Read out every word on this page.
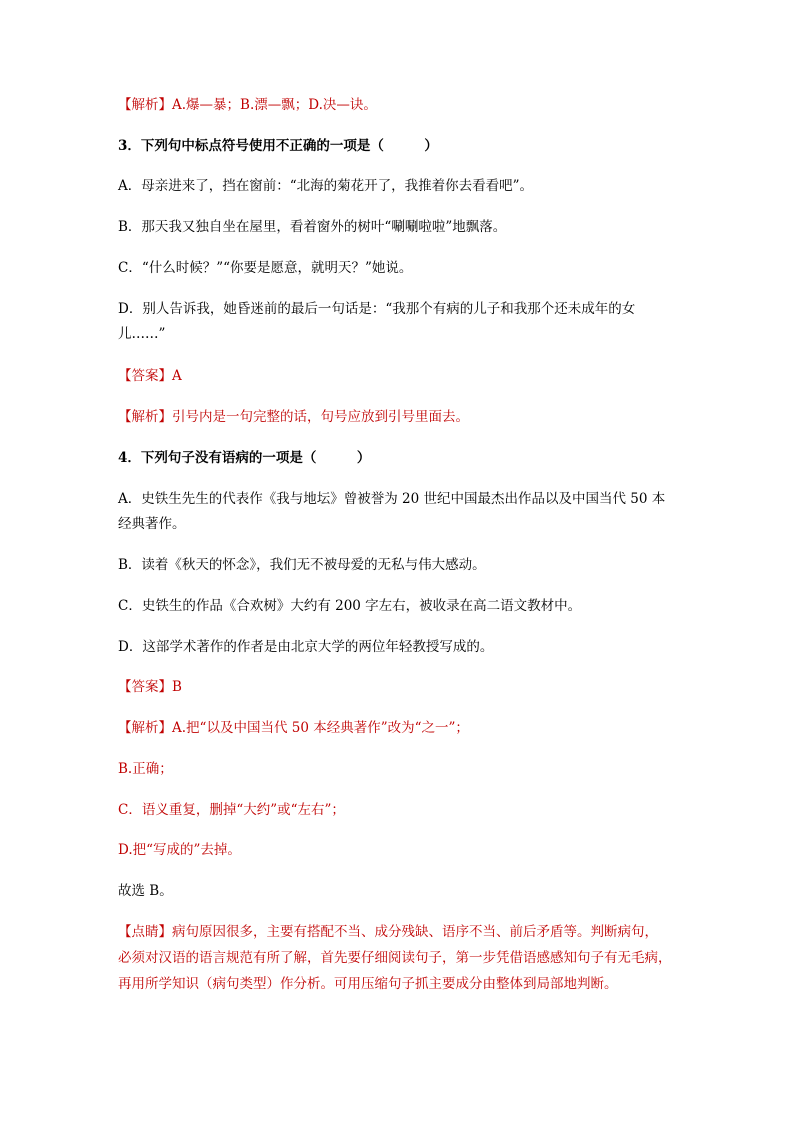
【解析】A.爆—暴；B.漂—飘；D.决—诀。
3．下列句中标点符号使用不正确的一项是（　　　）
A．母亲进来了，挡在窗前：“北海的菊花开了，我推着你去看看吧”。
B．那天我又独自坐在屋里，看着窗外的树叶“唰唰啦啦”地飘落。
C．“什么时候？”“你要是愿意，就明天？”她说。
D．别人告诉我，她昏迷前的最后一句话是：“我那个有病的儿子和我那个还未成年的女
儿……”
【答案】A
【解析】引号内是一句完整的话，句号应放到引号里面去。
4．下列句子没有语病的一项是（　　　）
A．史铁生先生的代表作《我与地坛》曾被誉为 20 世纪中国最杰出作品以及中国当代 50 本
经典著作。
B．读着《秋天的怀念》，我们无不被母爱的无私与伟大感动。
C．史铁生的作品《合欢树》大约有 200 字左右，被收录在高二语文教材中。
D．这部学术著作的作者是由北京大学的两位年轻教授写成的。
【答案】B
【解析】A.把“以及中国当代 50 本经典著作”改为“之一”；
B.正确；
C．语义重复，删掉“大约”或“左右”；
D.把“写成的”去掉。
故选 B。
【点睛】病句原因很多，主要有搭配不当、成分残缺、语序不当、前后矛盾等。判断病句，
必须对汉语的语言规范有所了解，首先要仔细阅读句子，第一步凭借语感感知句子有无毛病，
再用所学知识（病句类型）作分析。可用压缩句子抓主要成分由整体到局部地判断。
